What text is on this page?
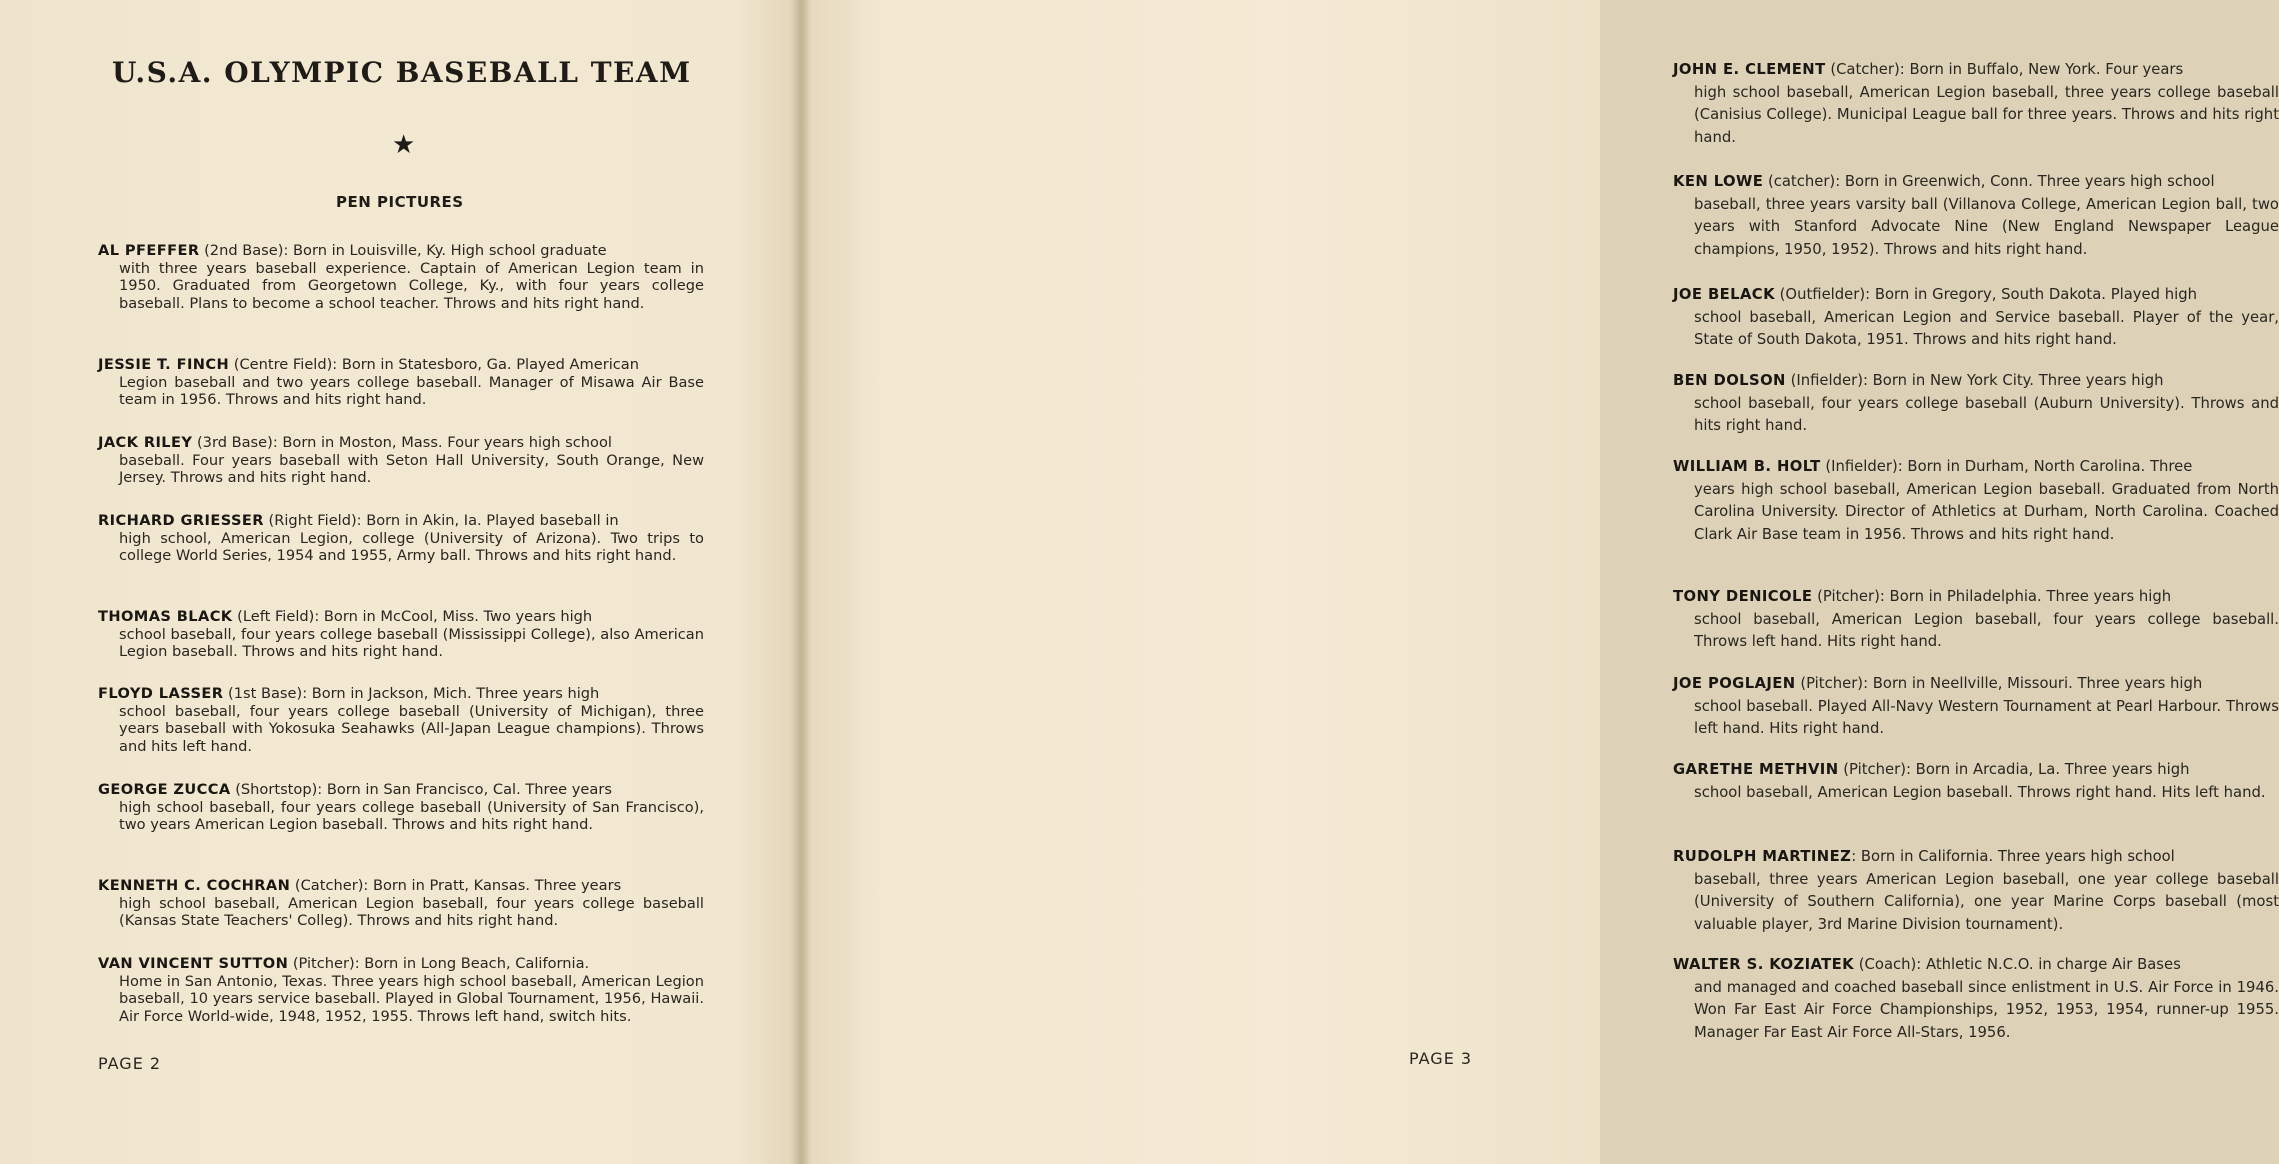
U.S.A. OLYMPIC BASEBALL TEAM
★
PEN PICTURES
AL PFEFFER (2nd Base): Born in Louisville, Ky. High school graduate
with three years baseball experience. Captain of American Legion team in 1950. Graduated from Georgetown College, Ky., with four years college baseball. Plans to become a school teacher. Throws and hits right hand.
JESSIE T. FINCH (Centre Field): Born in Statesboro, Ga. Played American
Legion baseball and two years college baseball. Manager of Misawa Air Base team in 1956. Throws and hits right hand.
JACK RILEY (3rd Base): Born in Moston, Mass. Four years high school
baseball. Four years baseball with Seton Hall University, South Orange, New Jersey. Throws and hits right hand.
RICHARD GRIESSER (Right Field): Born in Akin, Ia. Played baseball in
high school, American Legion, college (University of Arizona). Two trips to college World Series, 1954 and 1955, Army ball. Throws and hits right hand.
THOMAS BLACK (Left Field): Born in McCool, Miss. Two years high
school baseball, four years college baseball (Mississippi College), also American Legion baseball. Throws and hits right hand.
FLOYD LASSER (1st Base): Born in Jackson, Mich. Three years high
school baseball, four years college baseball (University of Michigan), three years baseball with Yokosuka Seahawks (All-Japan League champions). Throws and hits left hand.
GEORGE ZUCCA (Shortstop): Born in San Francisco, Cal. Three years
high school baseball, four years college baseball (University of San Francisco), two years American Legion baseball. Throws and hits right hand.
KENNETH C. COCHRAN (Catcher): Born in Pratt, Kansas. Three years
high school baseball, American Legion baseball, four years college baseball (Kansas State Teachers' Colleg). Throws and hits right hand.
VAN VINCENT SUTTON (Pitcher): Born in Long Beach, California.
Home in San Antonio, Texas. Three years high school baseball, American Legion baseball, 10 years service baseball. Played in Global Tournament, 1956, Hawaii. Air Force World-wide, 1948, 1952, 1955. Throws left hand, switch hits.
PAGE 2
JOHN E. CLEMENT (Catcher): Born in Buffalo, New York. Four years
high school baseball, American Legion baseball, three years college baseball (Canisius College). Municipal League ball for three years. Throws and hits right hand.
KEN LOWE (catcher): Born in Greenwich, Conn. Three years high school
baseball, three years varsity ball (Villanova College, American Legion ball, two years with Stanford Advocate Nine (New England Newspaper League champions, 1950, 1952). Throws and hits right hand.
JOE BELACK (Outfielder): Born in Gregory, South Dakota. Played high
school baseball, American Legion and Service baseball. Player of the year, State of South Dakota, 1951. Throws and hits right hand.
BEN DOLSON (Infielder): Born in New York City. Three years high
school baseball, four years college baseball (Auburn University). Throws and hits right hand.
WILLIAM B. HOLT (Infielder): Born in Durham, North Carolina. Three
years high school baseball, American Legion baseball. Graduated from North Carolina University. Director of Athletics at Durham, North Carolina. Coached Clark Air Base team in 1956. Throws and hits right hand.
TONY DENICOLE (Pitcher): Born in Philadelphia. Three years high
school baseball, American Legion baseball, four years college baseball. Throws left hand. Hits right hand.
JOE POGLAJEN (Pitcher): Born in Neellville, Missouri. Three years high
school baseball. Played All-Navy Western Tournament at Pearl Harbour. Throws left hand. Hits right hand.
GARETHE METHVIN (Pitcher): Born in Arcadia, La. Three years high
school baseball, American Legion baseball. Throws right hand. Hits left hand.
RUDOLPH MARTINEZ: Born in California. Three years high school
baseball, three years American Legion baseball, one year college baseball (University of Southern California), one year Marine Corps baseball (most valuable player, 3rd Marine Division tournament).
WALTER S. KOZIATEK (Coach): Athletic N.C.O. in charge Air Bases
and managed and coached baseball since enlistment in U.S. Air Force in 1946. Won Far East Air Force Championships, 1952, 1953, 1954, runner-up 1955. Manager Far East Air Force All-Stars, 1956.
PAGE 3
